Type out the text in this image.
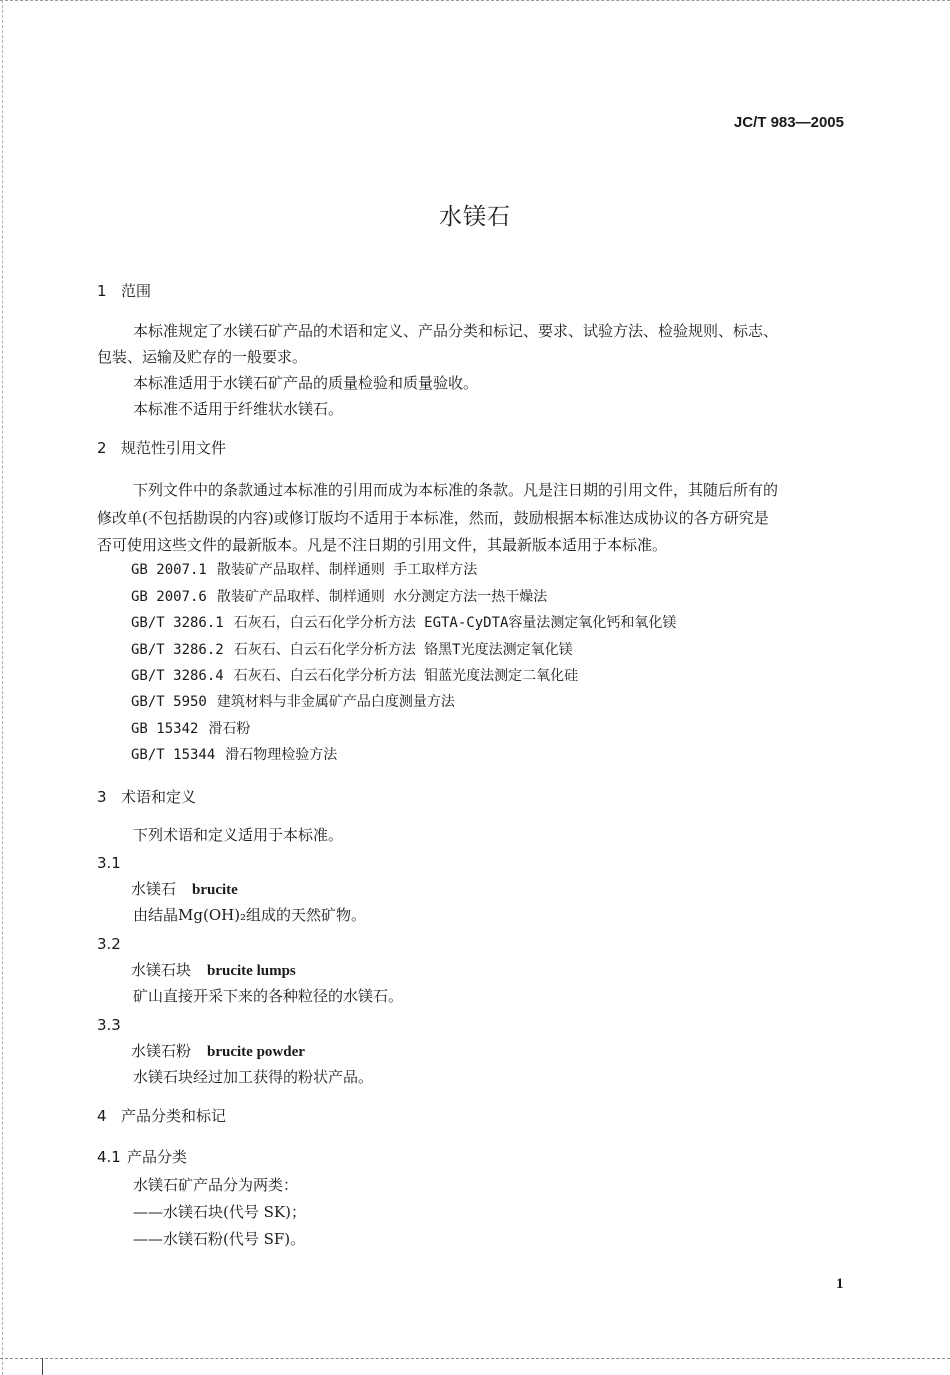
JC/T 983—2005
水镁石
1 范围
本标准规定了水镁石矿产品的术语和定义、产品分类和标记、要求、试验方法、检验规则、标志、
包装、运输及贮存的一般要求。
本标准适用于水镁石矿产品的质量检验和质量验收。
本标准不适用于纤维状水镁石。
2 规范性引用文件
下列文件中的条款通过本标准的引用而成为本标准的条款。凡是注日期的引用文件，其随后所有的
修改单(不包括勘误的内容)或修订版均不适用于本标准，然而，鼓励根据本标准达成协议的各方研究是
否可使用这些文件的最新版本。凡是不注日期的引用文件，其最新版本适用于本标准。
GB 2007.1 散装矿产品取样、制样通则 手工取样方法
GB 2007.6 散装矿产品取样、制样通则 水分测定方法一热干燥法
GB/T 3286.1 石灰石，白云石化学分析方法 EGTA-CyDTA容量法测定氧化钙和氧化镁
GB/T 3286.2 石灰石、白云石化学分析方法 铬黑T光度法测定氧化镁
GB/T 3286.4 石灰石、白云石化学分析方法 钼蓝光度法测定二氧化硅
GB/T 5950 建筑材料与非金属矿产品白度测量方法
GB 15342 滑石粉
GB/T 15344 滑石物理检验方法
3 术语和定义
下列术语和定义适用于本标准。
3.1
水镁石 brucite
由结晶Mg(OH)₂组成的天然矿物。
3.2
水镁石块 brucite lumps
矿山直接开采下来的各种粒径的水镁石。
3.3
水镁石粉 brucite powder
水镁石块经过加工获得的粉状产品。
4 产品分类和标记
4.1 产品分类
水镁石矿产品分为两类：
——水镁石块(代号 SK)；
——水镁石粉(代号 SF)。
1
